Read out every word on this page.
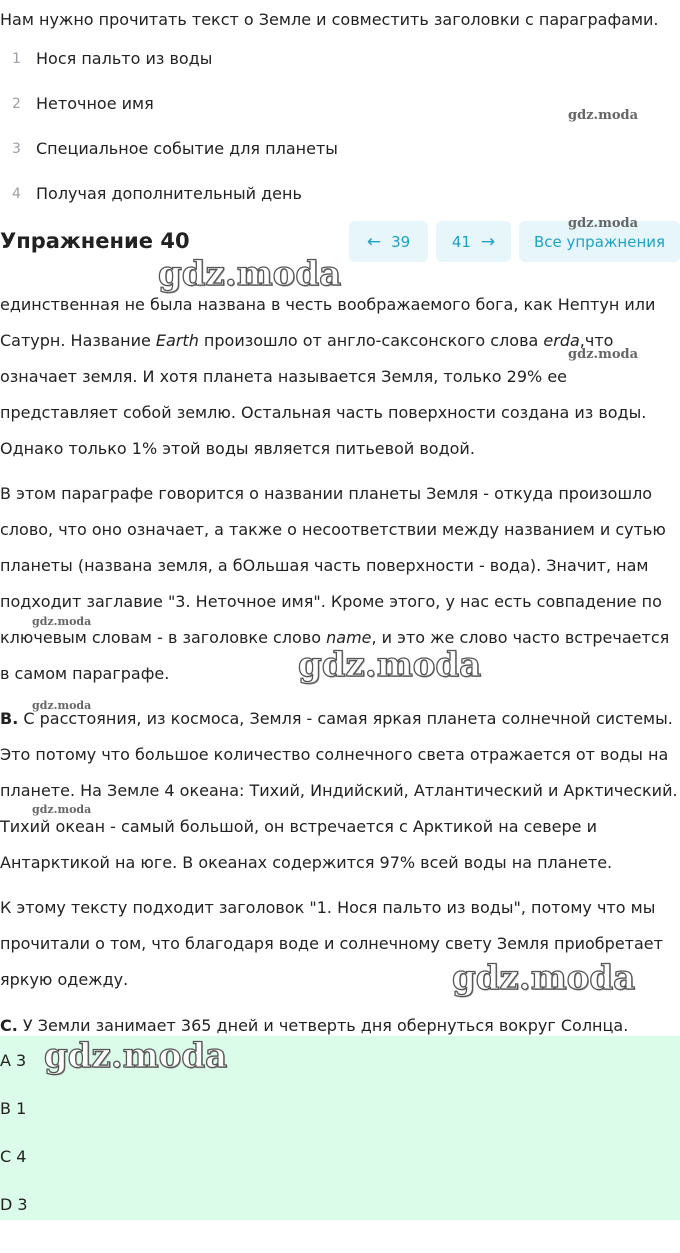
Нам нужно прочитать текст о Земле и совместить заголовки с параграфами.

1 Нося пальто из воды
2 Неточное имя
3 Специальное событие для планеты
4 Получая дополнительный день
Упражнение 40	← 39	41 →	Все упражнения

единственная не была названа в честь воображаемого бога, как Нептун или Сатурн. Название Earth произошло от англо-саксонского слова erda,что означает земля. И хотя планета называется Земля, только 29% ее представляет собой землю. Остальная часть поверхности создана из воды. Однако только 1% этой воды является питьевой водой.

В этом параграфе говорится о названии планеты Земля - откуда произошло слово, что оно означает, а также о несоответствии между названием и сутью планеты (названа земля, а бOльшая часть поверхности - вода). Значит, нам подходит заглавие "3. Неточное имя". Кроме этого, у нас есть совпадение по ключевым словам - в заголовке слово name, и это же слово часто встречается в самом параграфе.

B. С расстояния, из космоса, Земля - самая яркая планета солнечной системы. Это потому что большое количество солнечного света отражается от воды на планете. На Земле 4 океана: Тихий, Индийский, Атлантический и Арктический. Тихий океан - самый большой, он встречается с Арктикой на севере и Антарктикой на юге. В океанах содержится 97% всей воды на планете.

К этому тексту подходит заголовок "1. Нося пальто из воды", потому что мы прочитали о том, что благодаря воде и солнечному свету Земля приобретает яркую одежду.

C. У Земли занимает 365 дней и четверть дня обернуться вокруг Солнца.

A 3
B 1
C 4
D 3
gdz.moda
gdz.moda
gdz.moda
gdz.moda
gdz.moda
gdz.moda
gdz.moda
gdz.moda
gdz.moda
gdz.moda
